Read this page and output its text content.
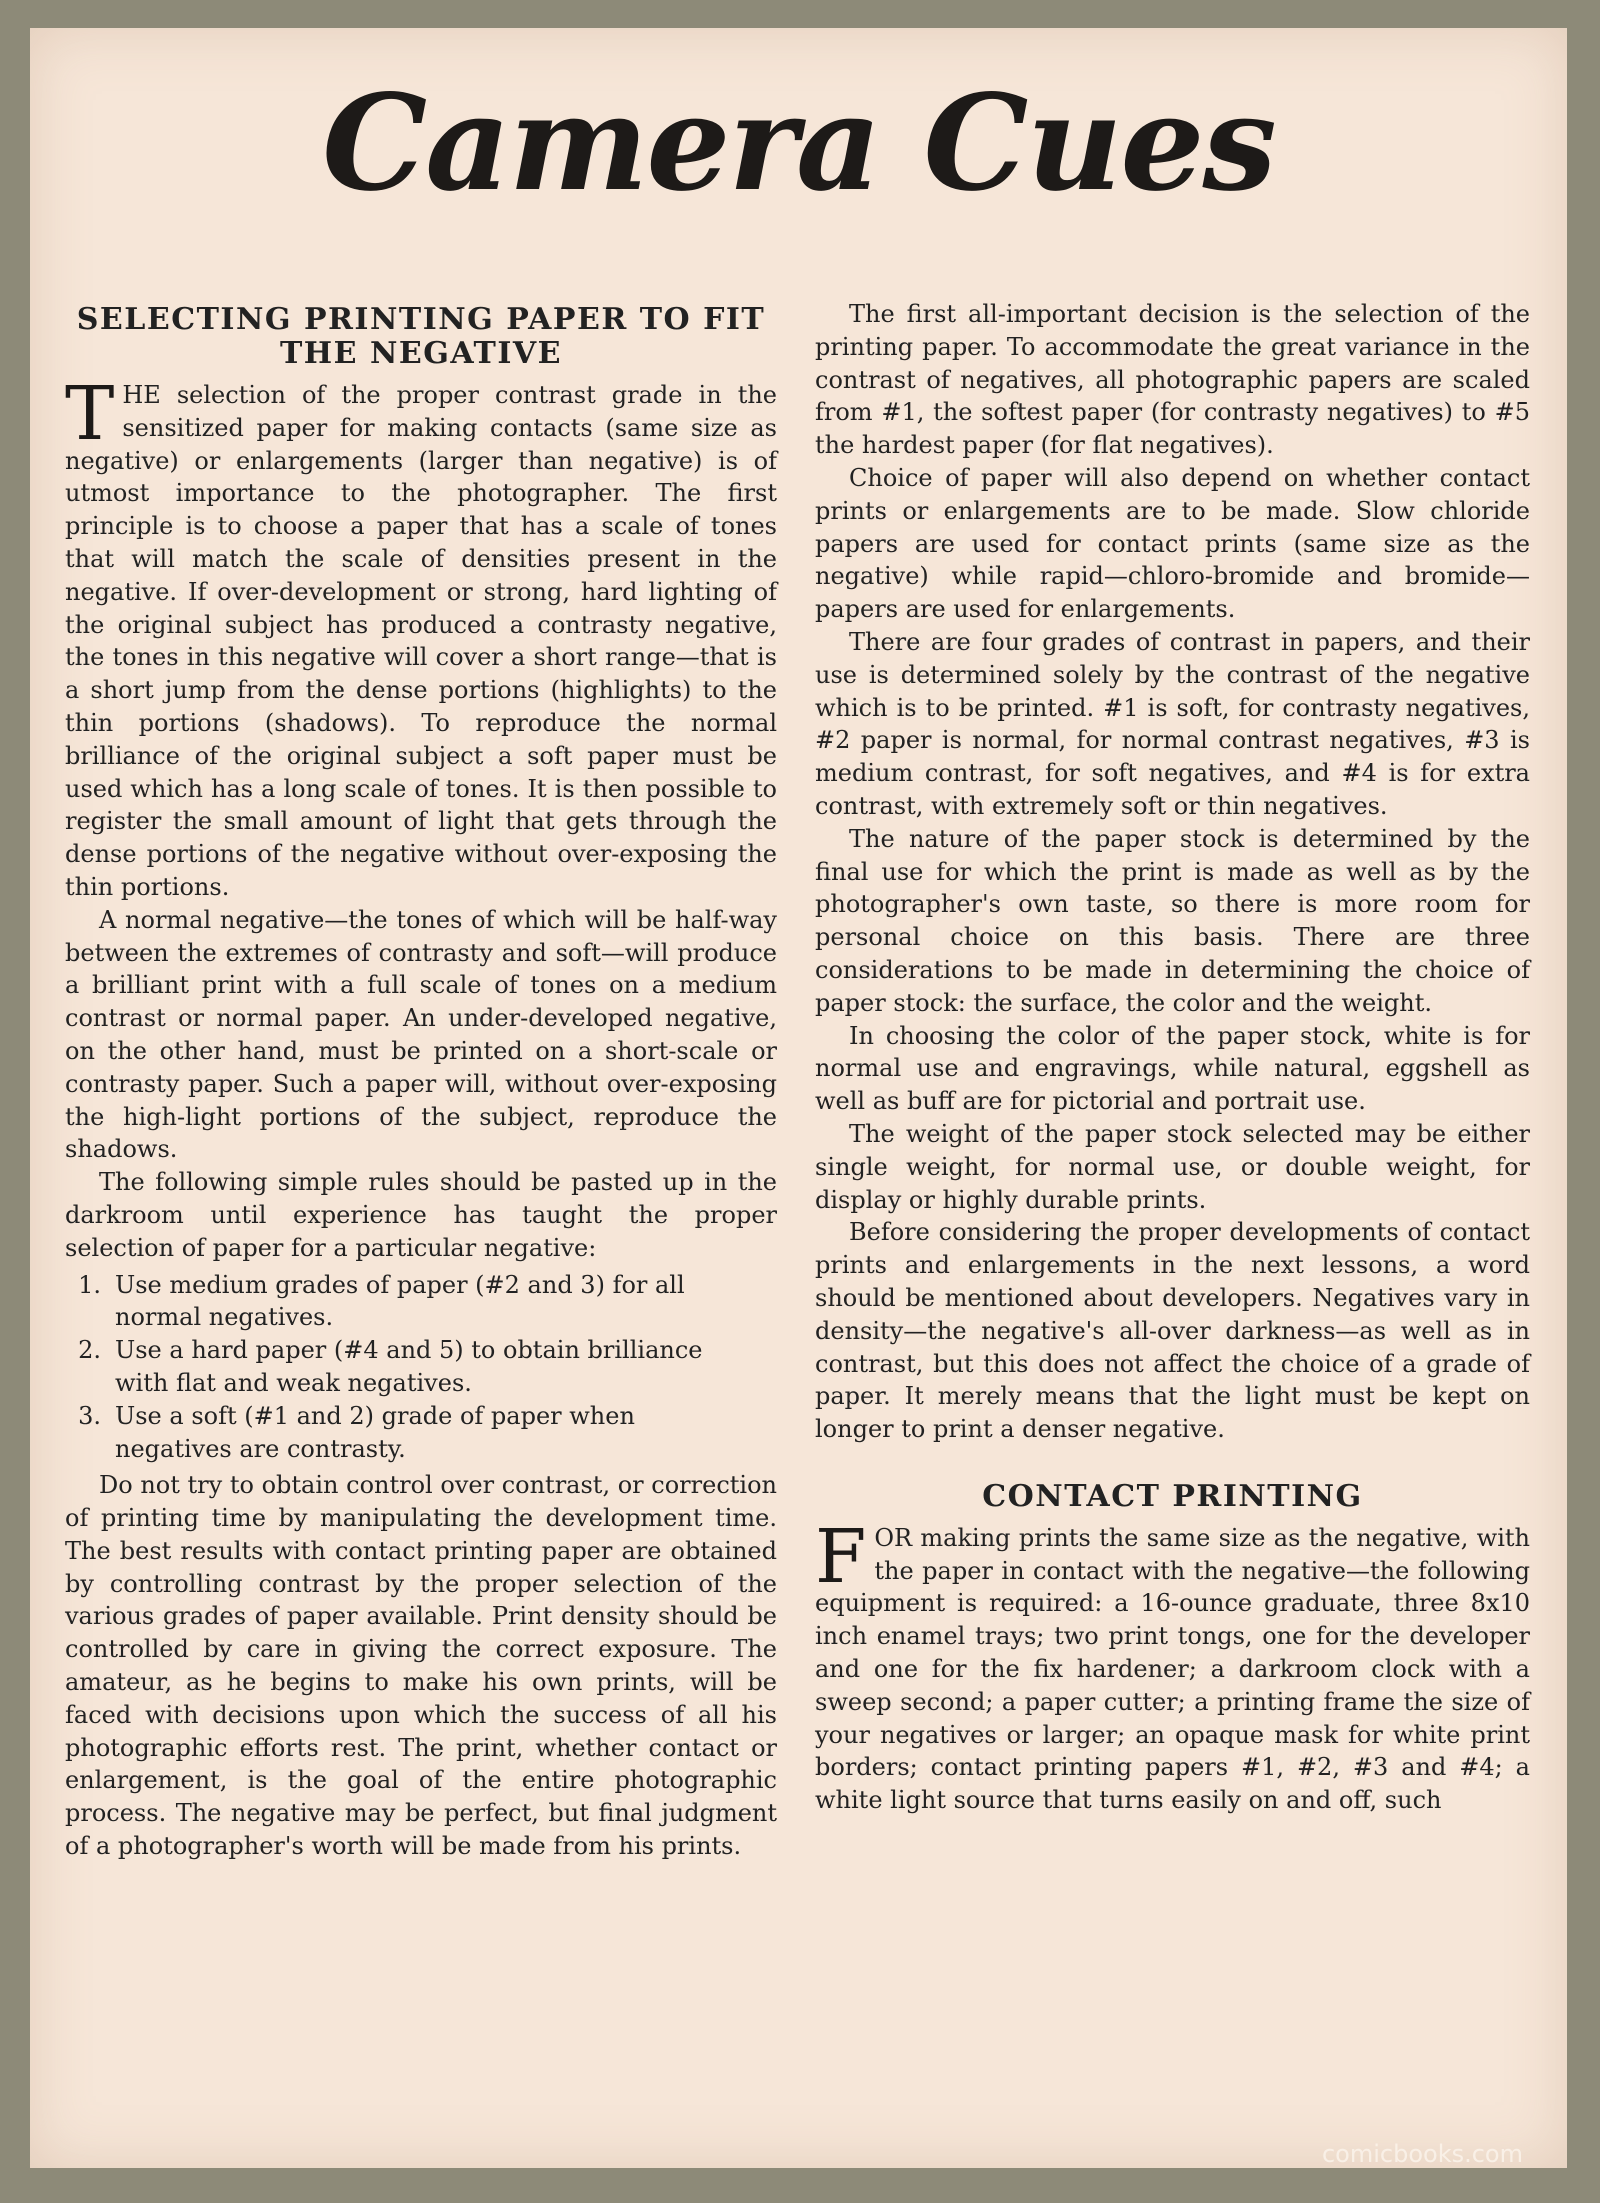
Camera Cues
SELECTING PRINTING PAPER TO FIT THE NEGATIVE

THE selection of the proper contrast grade in the sensitized paper for making contacts (same size as negative) or enlargements (larger than negative) is of utmost importance to the photographer. The first principle is to choose a paper that has a scale of tones that will match the scale of densities present in the negative. If over-development or strong, hard lighting of the original subject has produced a contrasty negative, the tones in this negative will cover a short range—that is a short jump from the dense portions (highlights) to the thin portions (shadows). To reproduce the normal brilliance of the original subject a soft paper must be used which has a long scale of tones. It is then possible to register the small amount of light that gets through the dense portions of the negative without over-exposing the thin portions.

A normal negative—the tones of which will be half-way between the extremes of contrasty and soft—will produce a brilliant print with a full scale of tones on a medium contrast or normal paper. An under-developed negative, on the other hand, must be printed on a short-scale or contrasty paper. Such a paper will, without over-exposing the high-light portions of the subject, reproduce the shadows.

The following simple rules should be pasted up in the darkroom until experience has taught the proper selection of paper for a particular negative:

1. Use medium grades of paper (#2 and 3) for all normal negatives.
2. Use a hard paper (#4 and 5) to obtain brilliance with flat and weak negatives.
3. Use a soft (#1 and 2) grade of paper when negatives are contrasty.

Do not try to obtain control over contrast, or correction of printing time by manipulating the development time. The best results with contact printing paper are obtained by controlling contrast by the proper selection of the various grades of paper available. Print density should be controlled by care in giving the correct exposure. The amateur, as he begins to make his own prints, will be faced with decisions upon which the success of all his photographic efforts rest. The print, whether contact or enlargement, is the goal of the entire photographic process. The negative may be perfect, but final judgment of a photographer's worth will be made from his prints.

The first all-important decision is the selection of the printing paper. To accommodate the great variance in the contrast of negatives, all photographic papers are scaled from #1, the softest paper (for contrasty negatives) to #5 the hardest paper (for flat negatives).

Choice of paper will also depend on whether contact prints or enlargements are to be made. Slow chloride papers are used for contact prints (same size as the negative) while rapid—chloro-bromide and bromide—papers are used for enlargements.

There are four grades of contrast in papers, and their use is determined solely by the contrast of the negative which is to be printed. #1 is soft, for contrasty negatives, #2 paper is normal, for normal contrast negatives, #3 is medium contrast, for soft negatives, and #4 is for extra contrast, with extremely soft or thin negatives.

The nature of the paper stock is determined by the final use for which the print is made as well as by the photographer's own taste, so there is more room for personal choice on this basis. There are three considerations to be made in determining the choice of paper stock: the surface, the color and the weight.

In choosing the color of the paper stock, white is for normal use and engravings, while natural, eggshell as well as buff are for pictorial and portrait use.

The weight of the paper stock selected may be either single weight, for normal use, or double weight, for display or highly durable prints.

Before considering the proper developments of contact prints and enlargements in the next lessons, a word should be mentioned about developers. Negatives vary in density—the negative's all-over darkness—as well as in contrast, but this does not affect the choice of a grade of paper. It merely means that the light must be kept on longer to print a denser negative.

CONTACT PRINTING

FOR making prints the same size as the negative, with the paper in contact with the negative—the following equipment is required: a 16-ounce graduate, three 8x10 inch enamel trays; two print tongs, one for the developer and one for the fix hardener; a darkroom clock with a sweep second; a paper cutter; a printing frame the size of your negatives or larger; an opaque mask for white print borders; contact printing papers #1, #2, #3 and #4; a white light source that turns easily on and off, such

comicbooks.com
